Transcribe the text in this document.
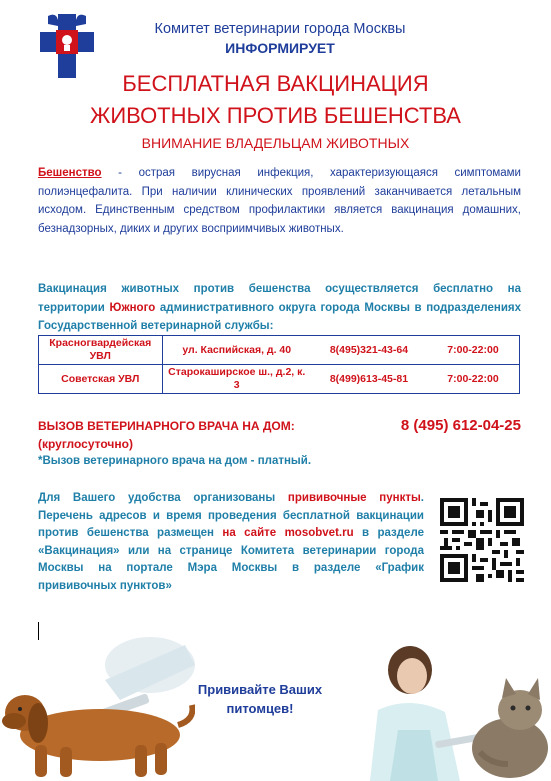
Комитет ветеринарии города Москвы
ИНФОРМИРУЕТ
БЕСПЛАТНАЯ ВАКЦИНАЦИЯ
ЖИВОТНЫХ ПРОТИВ БЕШЕНСТВА
ВНИМАНИЕ ВЛАДЕЛЬЦАМ ЖИВОТНЫХ
Бешенство - острая вирусная инфекция, характеризующаяся симптомами полиэнцефалита. При наличии клинических проявлений заканчивается летальным исходом. Единственным средством профилактики является вакцинация домашних, безнадзорных, диких и других восприимчивых животных.
Вакцинация животных против бешенства осуществляется бесплатно на территории Южного административного округа города Москвы в подразделениях Государственной ветеринарной службы:
Красногвардейская УВЛ	ул. Каспийская, д. 40	8(495)321-43-64	7:00-22:00
Советская УВЛ	Старокаширское ш., д.2, к. 3	8(499)613-45-81	7:00-22:00
ВЫЗОВ ВЕТЕРИНАРНОГО ВРАЧА НА ДОМ:	8 (495) 612-04-25
(круглосуточно)
*Вызов ветеринарного врача на дом - платный.
Для Вашего удобства организованы прививочные пункты. Перечень адресов и время проведения бесплатной вакцинации против бешенства размещен на сайте mosobvet.ru в разделе «Вакцинация» или на странице Комитета ветеринарии города Москвы на портале Мэра Москвы в разделе «График прививочных пунктов»
Прививайте Ваших
питомцев!
